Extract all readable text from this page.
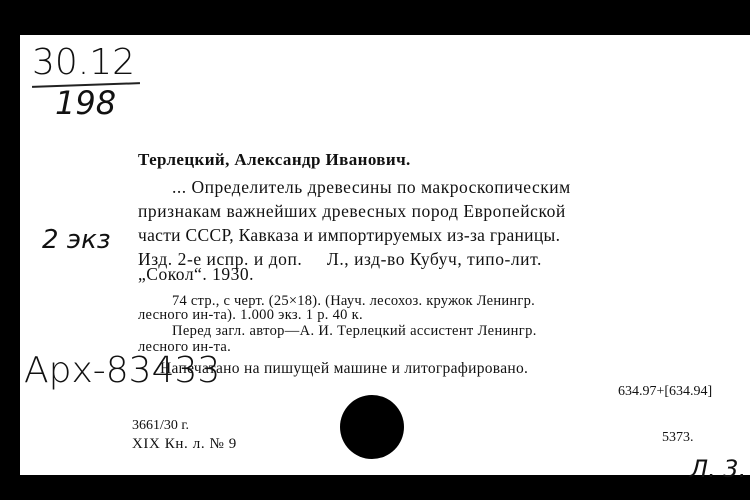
30.12
198
2 экз
Арх-83433
Л. 3.
Терлецкий, Александр Иванович.
... Определитель древесины по макроскопическим
признакам важнейших древесных пород Европейской
части СССР, Кавказа и импортируемых из-за границы.
Изд. 2-е испр. и доп.     Л., изд-во Кубуч, типо-лит.
„Сокол“. 1930.
74 стр., с черт. (25×18). (Науч. лесохоз. кружок Ленингр.
лесного ин-та). 1.000 экз. 1 р. 40 к.
Перед загл. автор—А. И. Терлецкий ассистент Ленингр.
лесного ин-та.
Напечатано на пишущей машине и литографировано.
634.97+[634.94]
3661/30 г.
XIX Кн. л. № 9	5373.
